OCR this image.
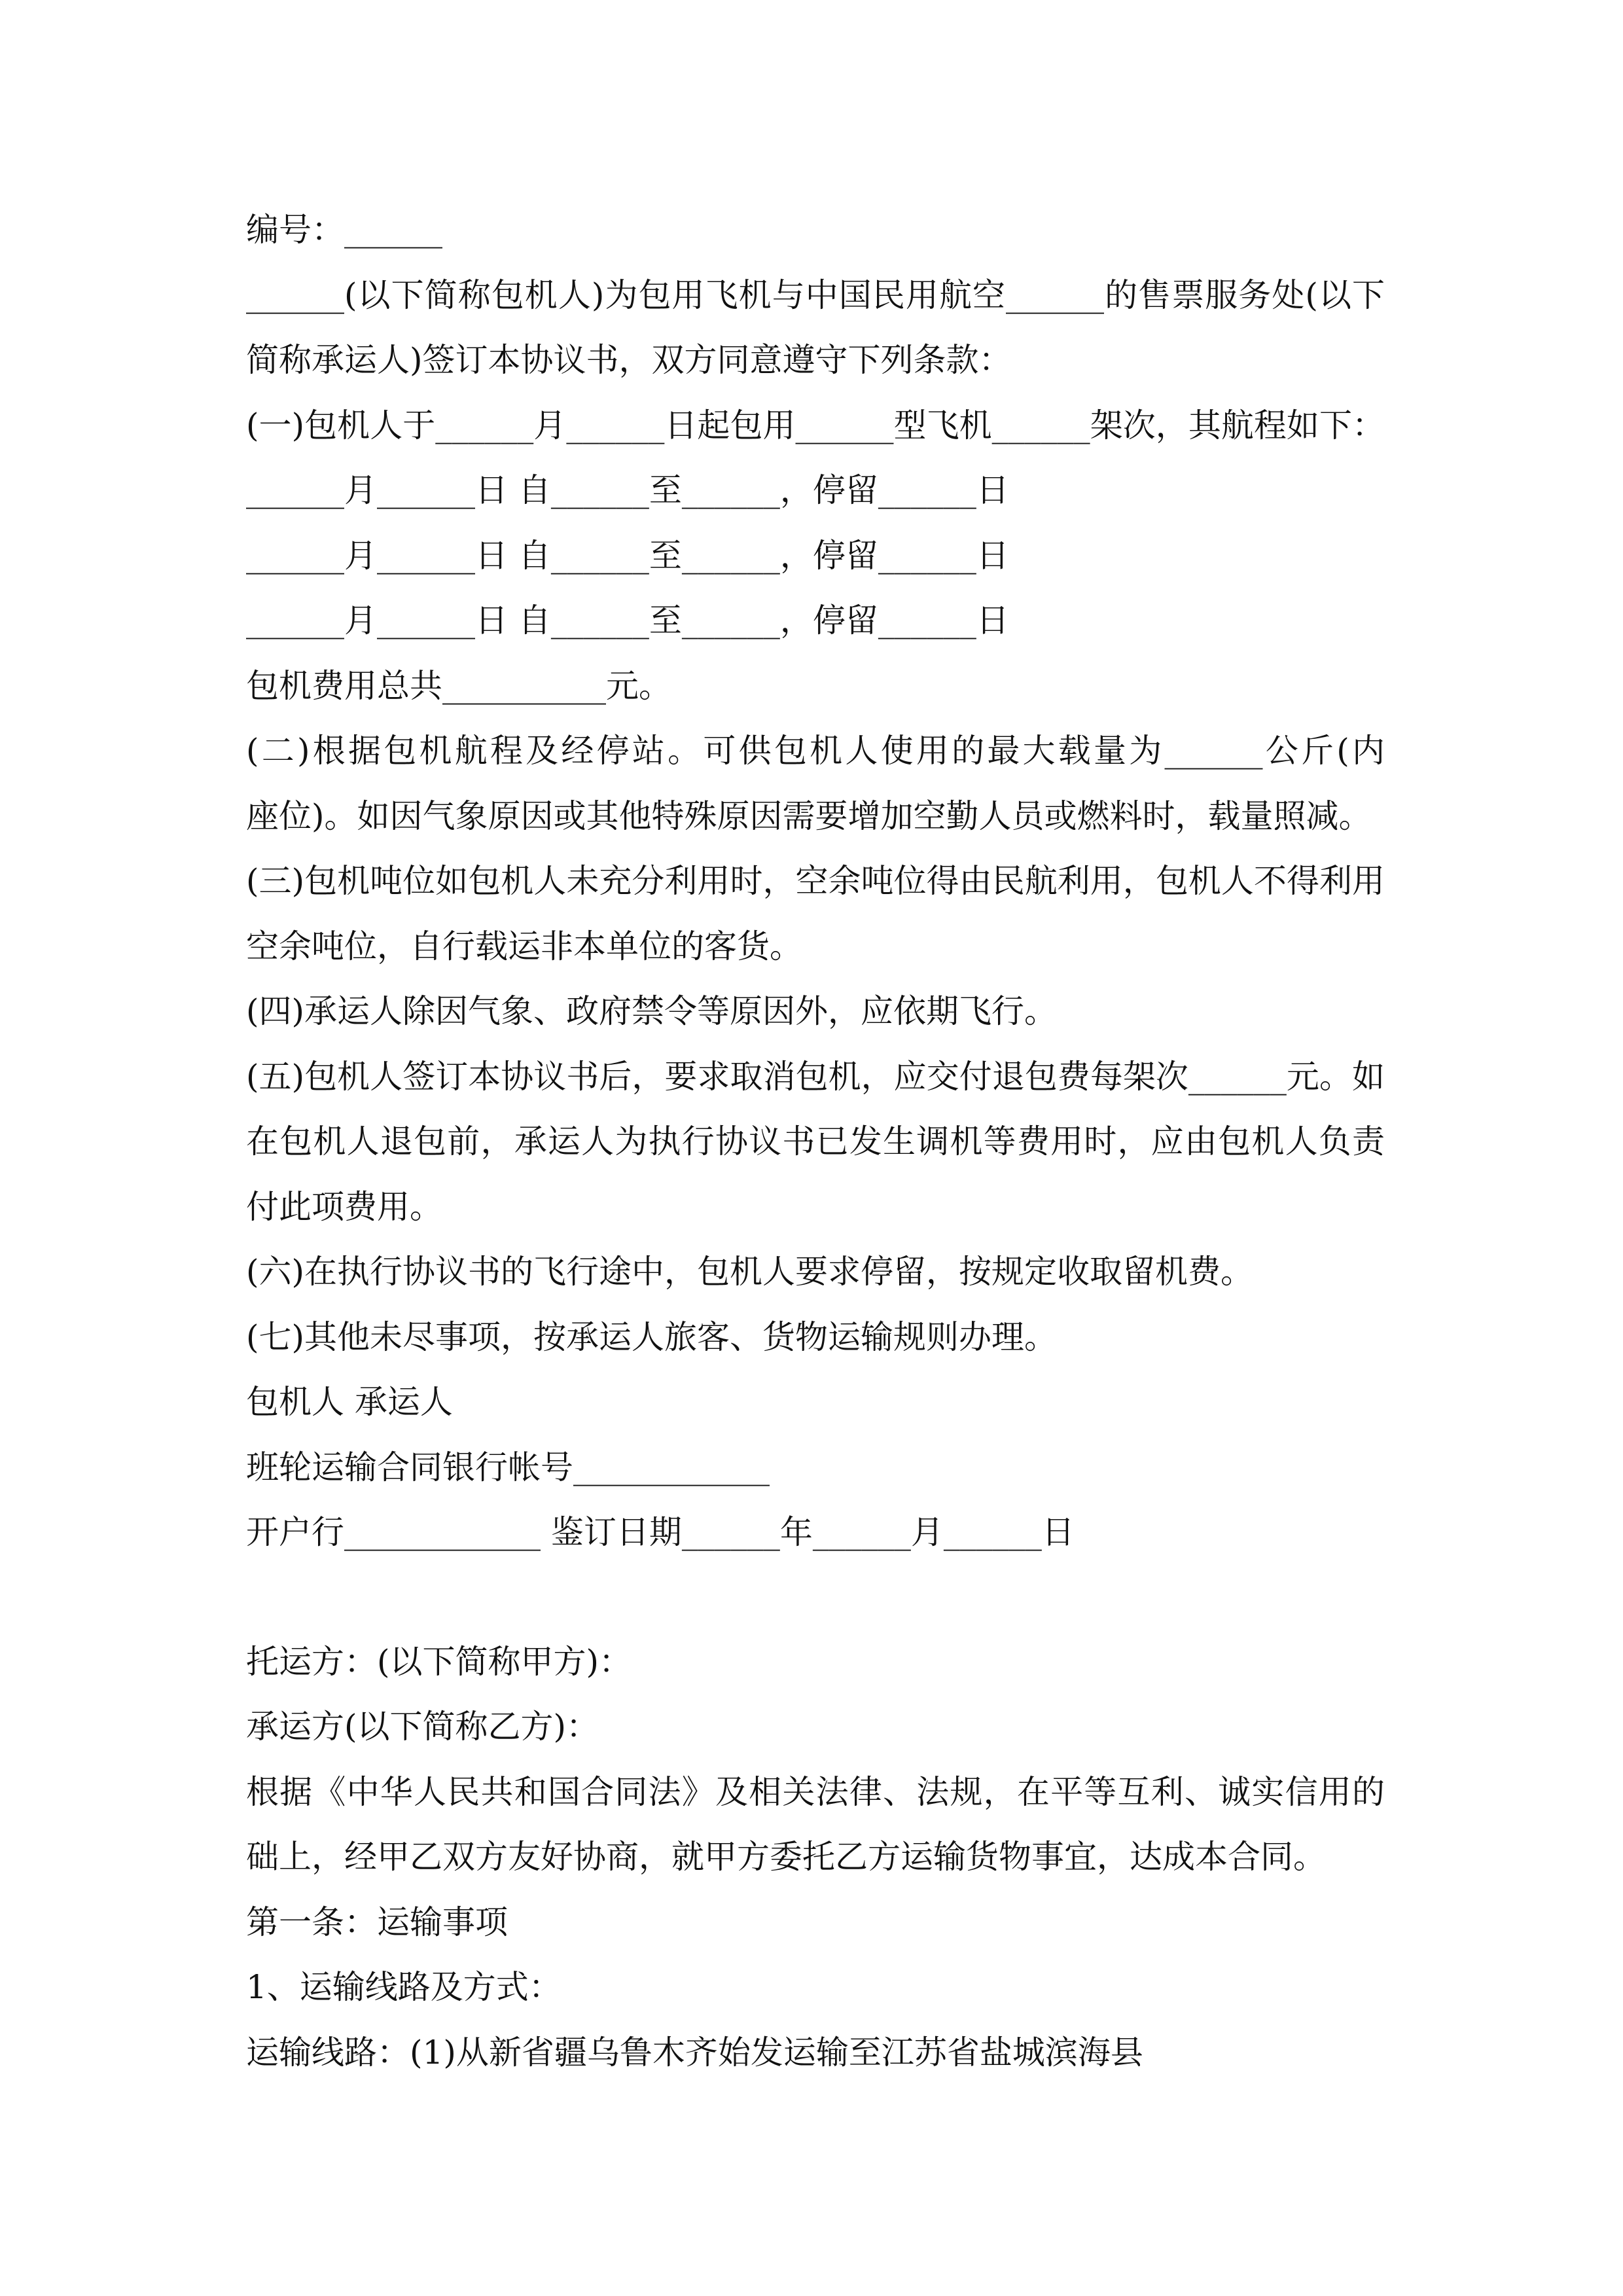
编号：______

______(以下简称包机人)为包用飞机与中国民用航空______的售票服务处(以下

简称承运人)签订本协议书，双方同意遵守下列条款：

(一)包机人于______月______日起包用______型飞机______架次，其航程如下：

______月______日 自______至______，停留______日

______月______日 自______至______，停留______日

______月______日 自______至______，停留______日

包机费用总共__________元。

(二)根据包机航程及经停站。可供包机人使用的最大载量为______公斤(内

座位)。如因气象原因或其他特殊原因需要增加空勤人员或燃料时，载量照减。

(三)包机吨位如包机人未充分利用时，空余吨位得由民航利用，包机人不得利用

空余吨位，自行载运非本单位的客货。

(四)承运人除因气象、政府禁令等原因外，应依期飞行。

(五)包机人签订本协议书后，要求取消包机，应交付退包费每架次______元。如

在包机人退包前，承运人为执行协议书已发生调机等费用时，应由包机人负责

付此项费用。

(六)在执行协议书的飞行途中，包机人要求停留，按规定收取留机费。

(七)其他未尽事项，按承运人旅客、货物运输规则办理。

包机人 承运人

班轮运输合同银行帐号____________

开户行____________ 鉴订日期______年______月______日

托运方：(以下简称甲方)：

承运方(以下简称乙方)：

根据《中华人民共和国合同法》及相关法律、法规，在平等互利、诚实信用的

础上，经甲乙双方友好协商，就甲方委托乙方运输货物事宜，达成本合同。

第一条：运输事项

1、运输线路及方式：

运输线路：(1)从新省疆乌鲁木齐始发运输至江苏省盐城滨海县
